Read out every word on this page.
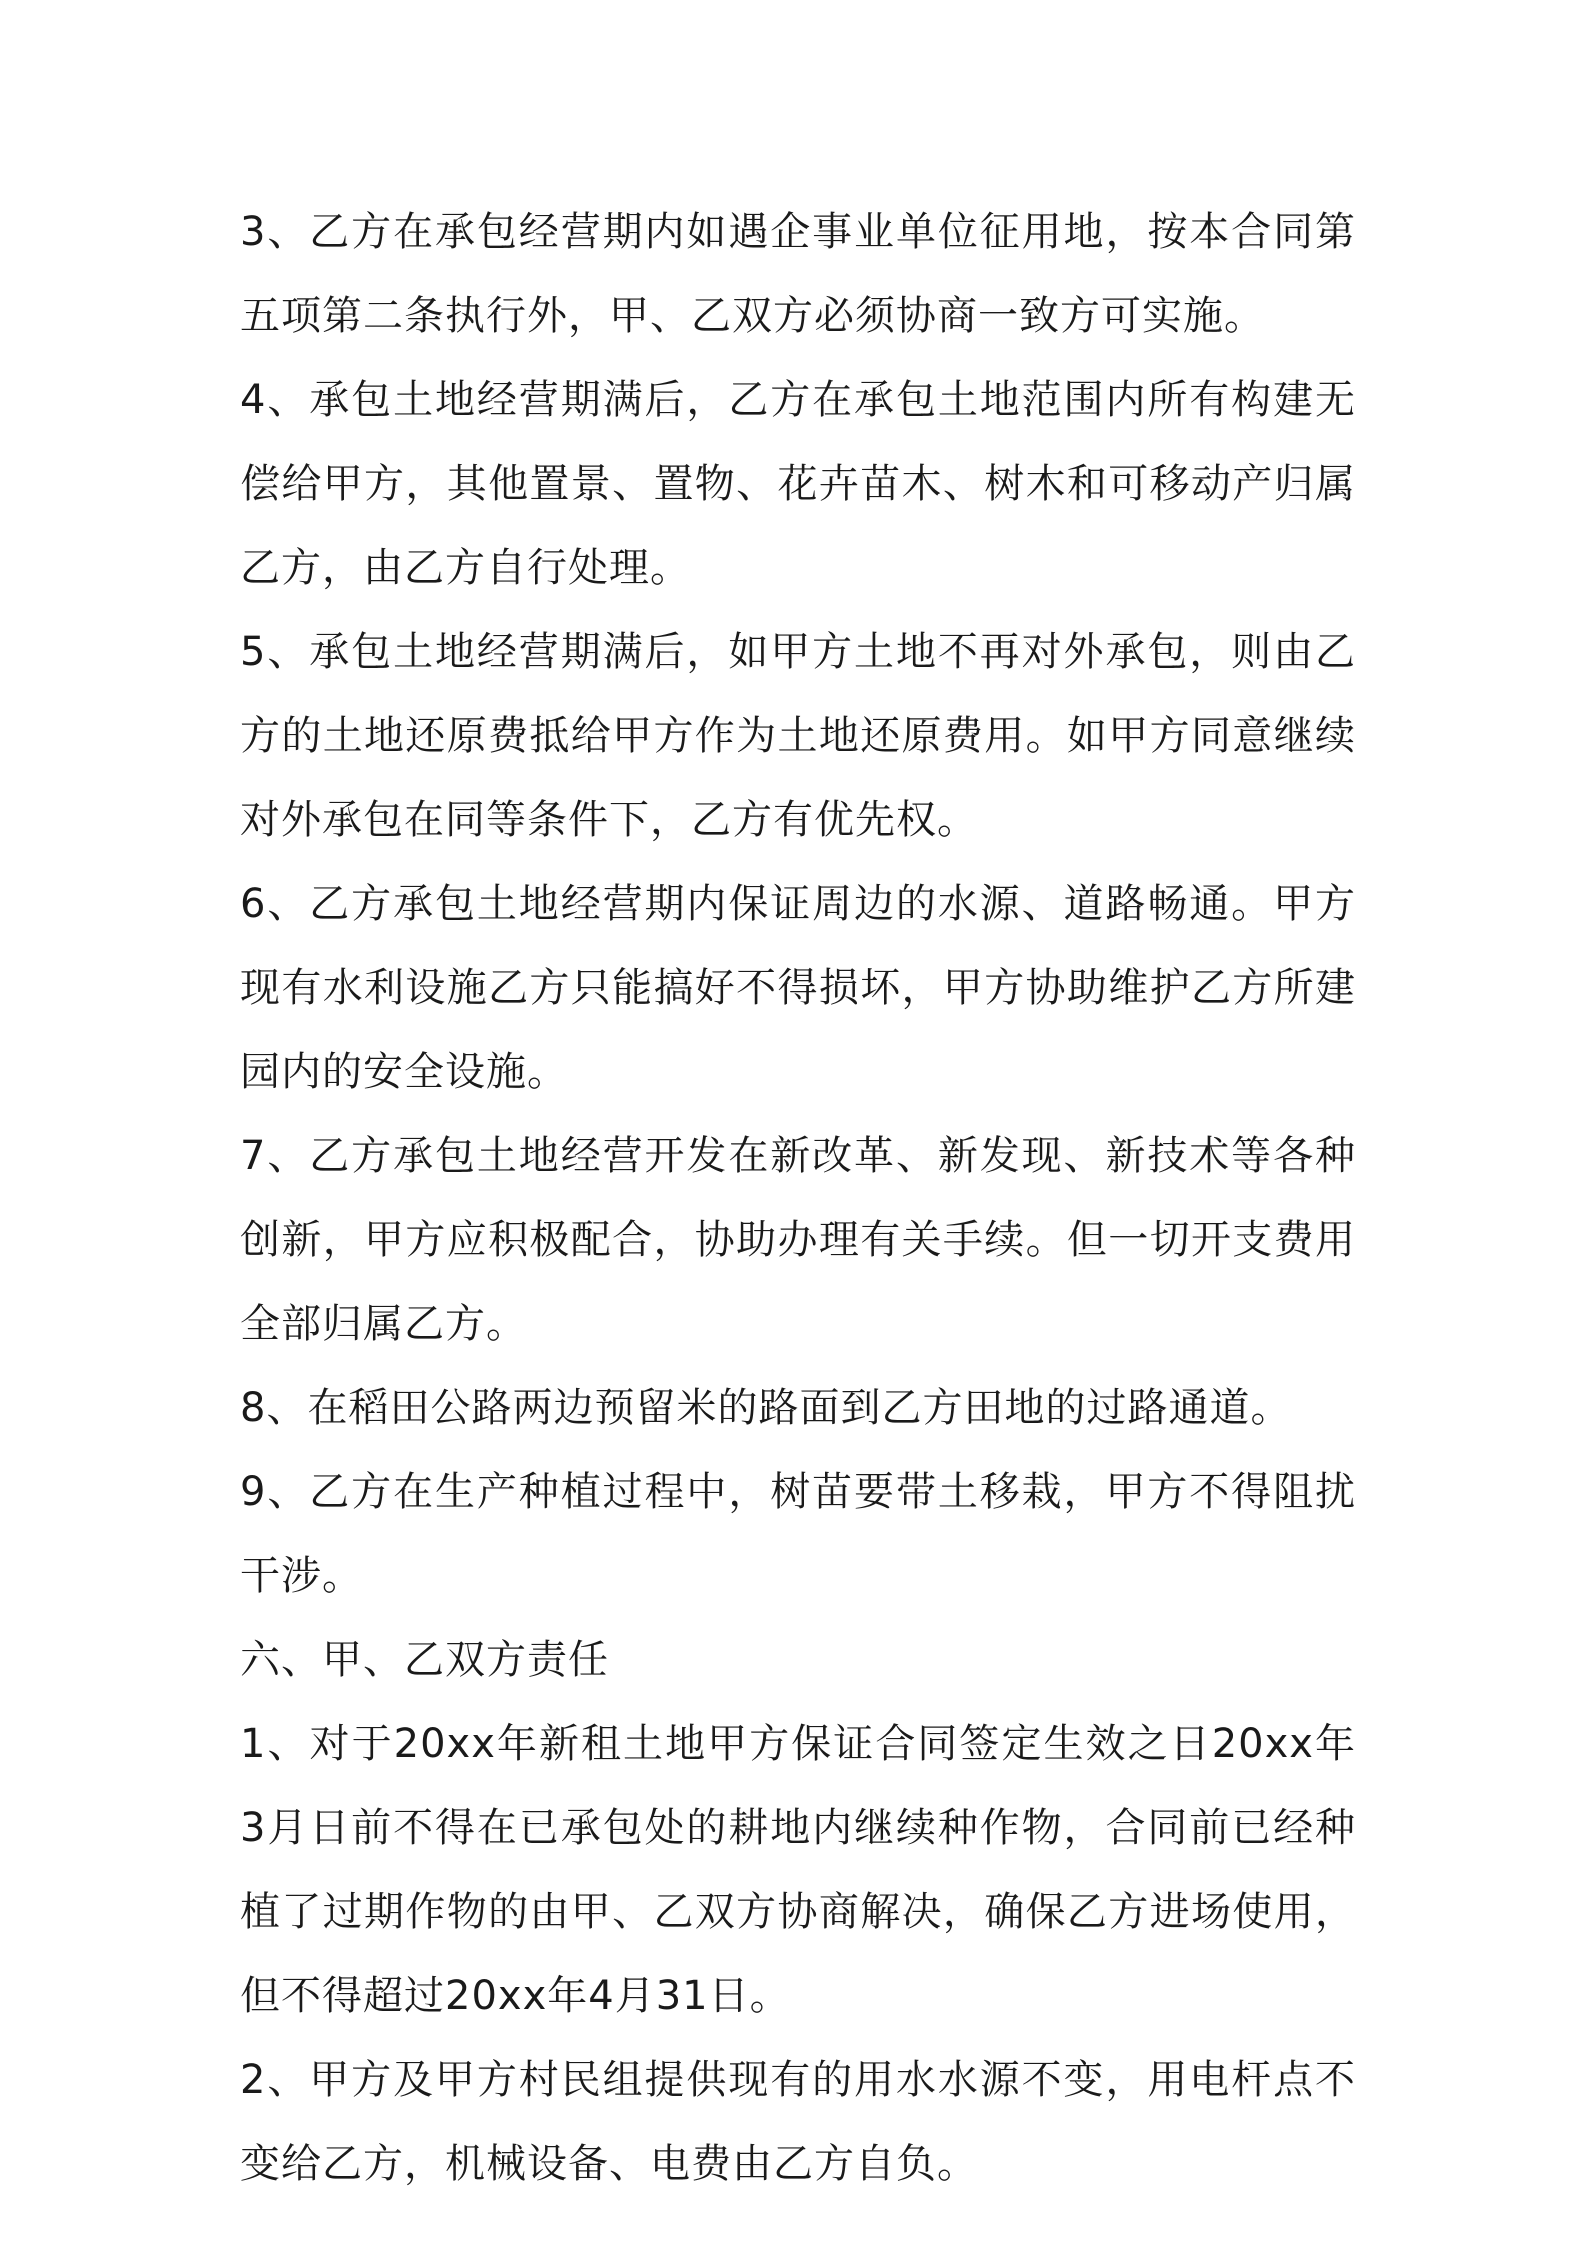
3、乙方在承包经营期内如遇企事业单位征用地，按本合同第五项第二条执行外，甲、乙双方必须协商一致方可实施。

4、承包土地经营期满后，乙方在承包土地范围内所有构建无偿给甲方，其他置景、置物、花卉苗木、树木和可移动产归属乙方，由乙方自行处理。

5、承包土地经营期满后，如甲方土地不再对外承包，则由乙方的土地还原费抵给甲方作为土地还原费用。如甲方同意继续对外承包在同等条件下，乙方有优先权。

6、乙方承包土地经营期内保证周边的水源、道路畅通。甲方现有水利设施乙方只能搞好不得损坏，甲方协助维护乙方所建园内的安全设施。

7、乙方承包土地经营开发在新改革、新发现、新技术等各种创新，甲方应积极配合，协助办理有关手续。但一切开支费用全部归属乙方。

8、在稻田公路两边预留米的路面到乙方田地的过路通道。

9、乙方在生产种植过程中，树苗要带土移栽，甲方不得阻扰干涉。

六、甲、乙双方责任

1、对于20xx年新租土地甲方保证合同签定生效之日20xx年3月日前不得在已承包处的耕地内继续种作物，合同前已经种植了过期作物的由甲、乙双方协商解决，确保乙方进场使用，但不得超过20xx年4月31日。

2、甲方及甲方村民组提供现有的用水水源不变，用电杆点不变给乙方，机械设备、电费由乙方自负。
